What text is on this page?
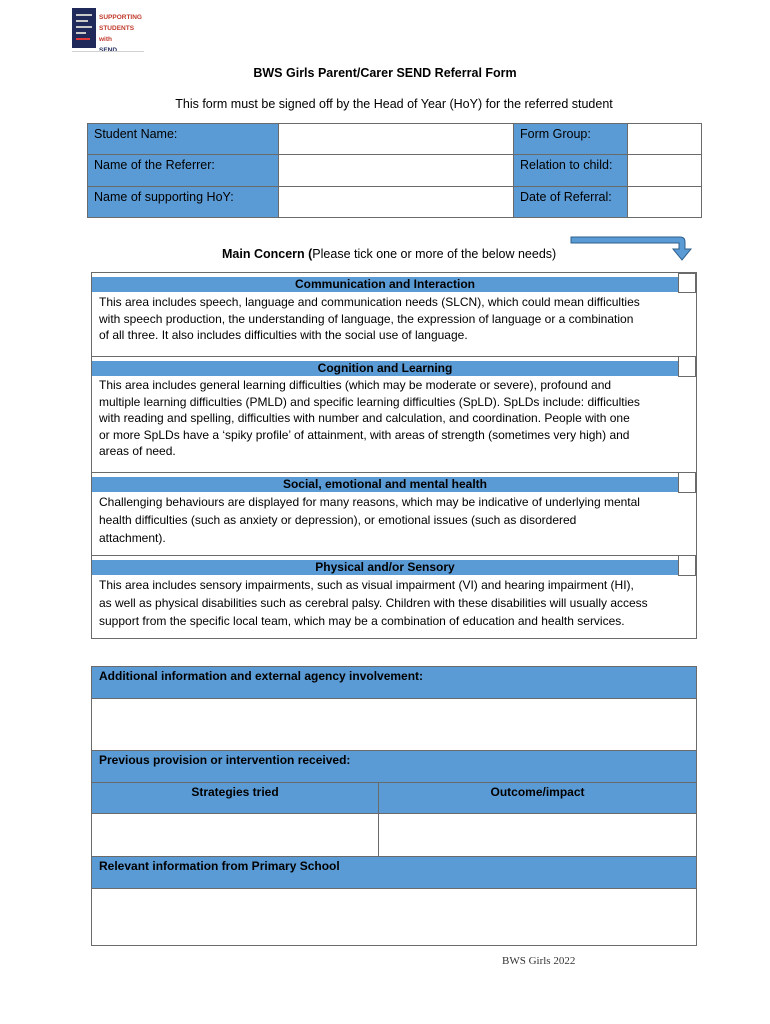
SUPPORTING
STUDENTS with
BWS Girls Parent/Carer SEND Referral Form
This form must be signed off by the Head of Year (HoY) for the referred student
Student Name:	Form Group:
Name of the Referrer:	Relation to child:
Name of supporting HoY:	Date of Referral:
Main Concern (Please tick one or more of the below needs)
Communication and Interaction
This area includes speech, language and communication needs (SLCN), which could mean difficulties
with speech production, the understanding of language, the expression of language or a combination
of all three. It also includes difficulties with the social use of language.
Cognition and Learning
This area includes general learning difficulties (which may be moderate or severe), profound and
multiple learning difficulties (PMLD) and specific learning difficulties (SpLD). SpLDs include: difficulties
with reading and spelling, difficulties with number and calculation, and coordination. People with one
or more SpLDs have a ‘spiky profile’ of attainment, with areas of strength (sometimes very high) and
areas of need.
Social, emotional and mental health
Challenging behaviours are displayed for many reasons, which may be indicative of underlying mental
health difficulties (such as anxiety or depression), or emotional issues (such as disordered
attachment).
Physical and/or Sensory
This area includes sensory impairments, such as visual impairment (VI) and hearing impairment (HI),
as well as physical disabilities such as cerebral palsy. Children with these disabilities will usually access
support from the specific local team, which may be a combination of education and health services.
Additional information and external agency involvement:
Previous provision or intervention received:
Strategies tried	Outcome/impact
Relevant information from Primary School
BWS Girls 2022
